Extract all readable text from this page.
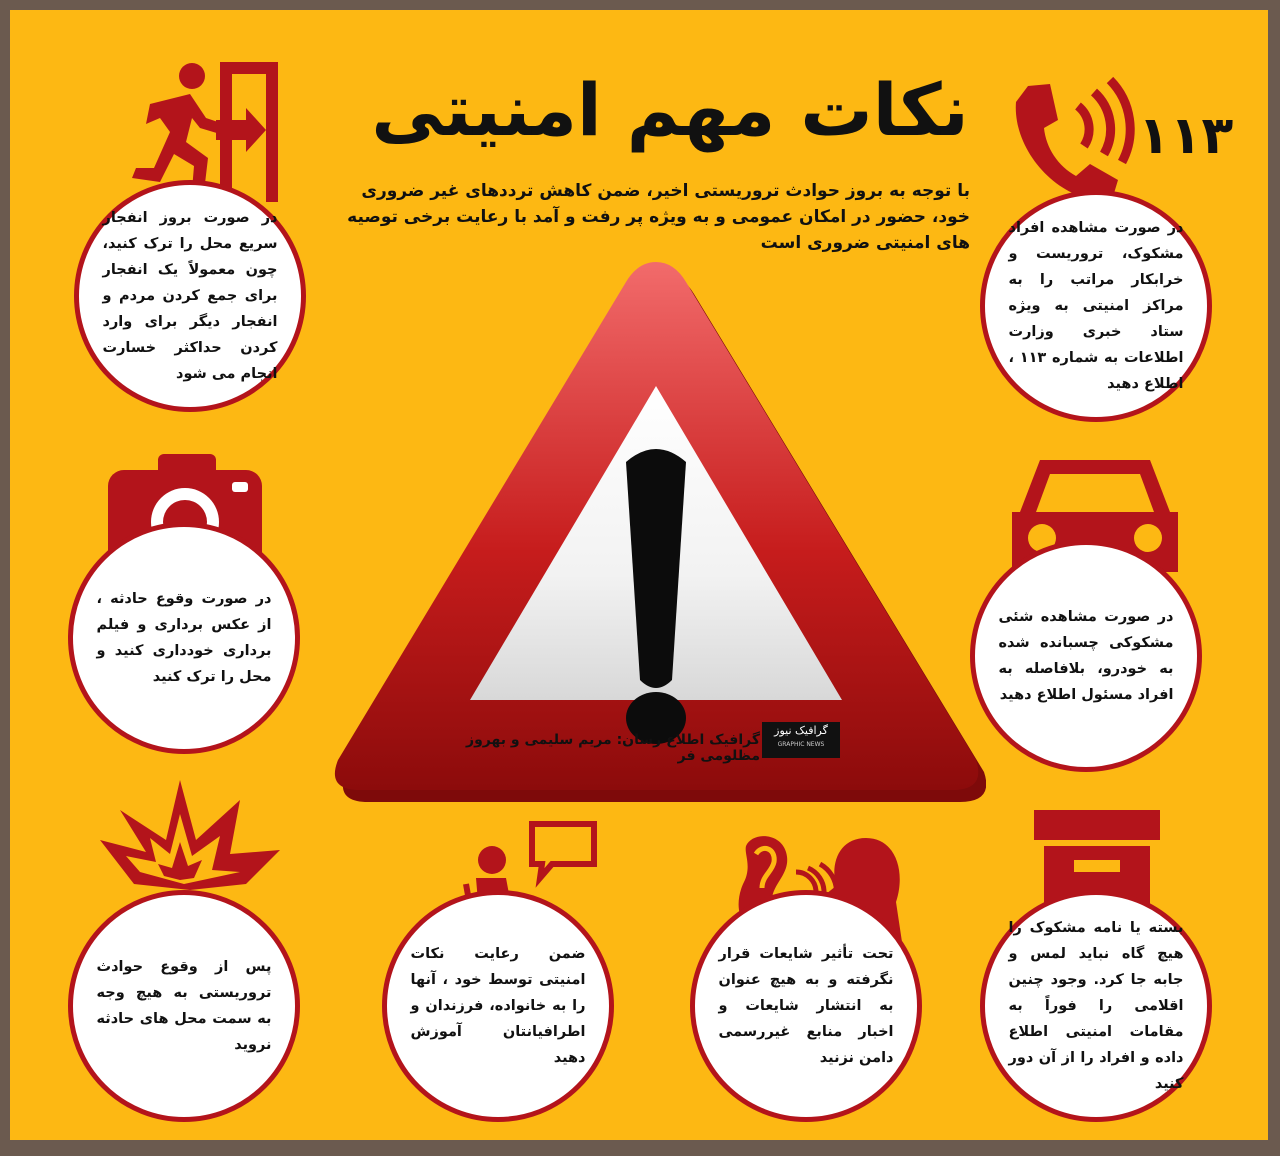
نکات مهم امنیتی
با توجه به بروز حوادث تروریستی اخیر، ضمن کاهش ترددهای غیر ضروری خود، حضور در امکان عمومی و به ویژه پر رفت و آمد با رعایت برخی توصیه های امنیتی ضروری است
۱۱۳
گرافیک اطلاع رسان: مریم سلیمی و بهروز مظلومی فر
گرافیک نیوز
GRAPHIC NEWS

در صورت بروز انفجار سریع محل را ترک کنید، چون معمولاً یک انفجار برای جمع کردن مردم و انفجار دیگر برای وارد کردن حداکثر خسارت انجام می شود

در صورت مشاهده افراد مشکوک، تروریست و خرابکار مراتب را به مراکز امنیتی به ویژه ستاد خبری وزارت اطلاعات به شماره ۱۱۳ ، اطلاع دهید

در صورت وقوع حادثه ، از عکس برداری و فیلم برداری خودداری کنید و محل را ترک کنید

در صورت مشاهده شئی مشکوکی چسبانده شده به خودرو، بلافاصله به افراد مسئول اطلاع دهید

پس از وقوع حوادث تروریستی به هیچ وجه به سمت محل های حادثه نروید

ضمن رعایت نکات امنیتی توسط خود ، آنها را به خانواده، فرزندان و اطرافیانتان آموزش دهید

تحت تأثیر شایعات قرار نگرفته و به هیچ عنوان به انتشار شایعات و اخبار منابع غیررسمی دامن نزنید

بسته یا نامه مشکوک را هیچ گاه نباید لمس و جابه جا کرد. وجود چنین اقلامی را فوراً به مقامات امنیتی اطلاع داده و افراد را از آن دور کنید
